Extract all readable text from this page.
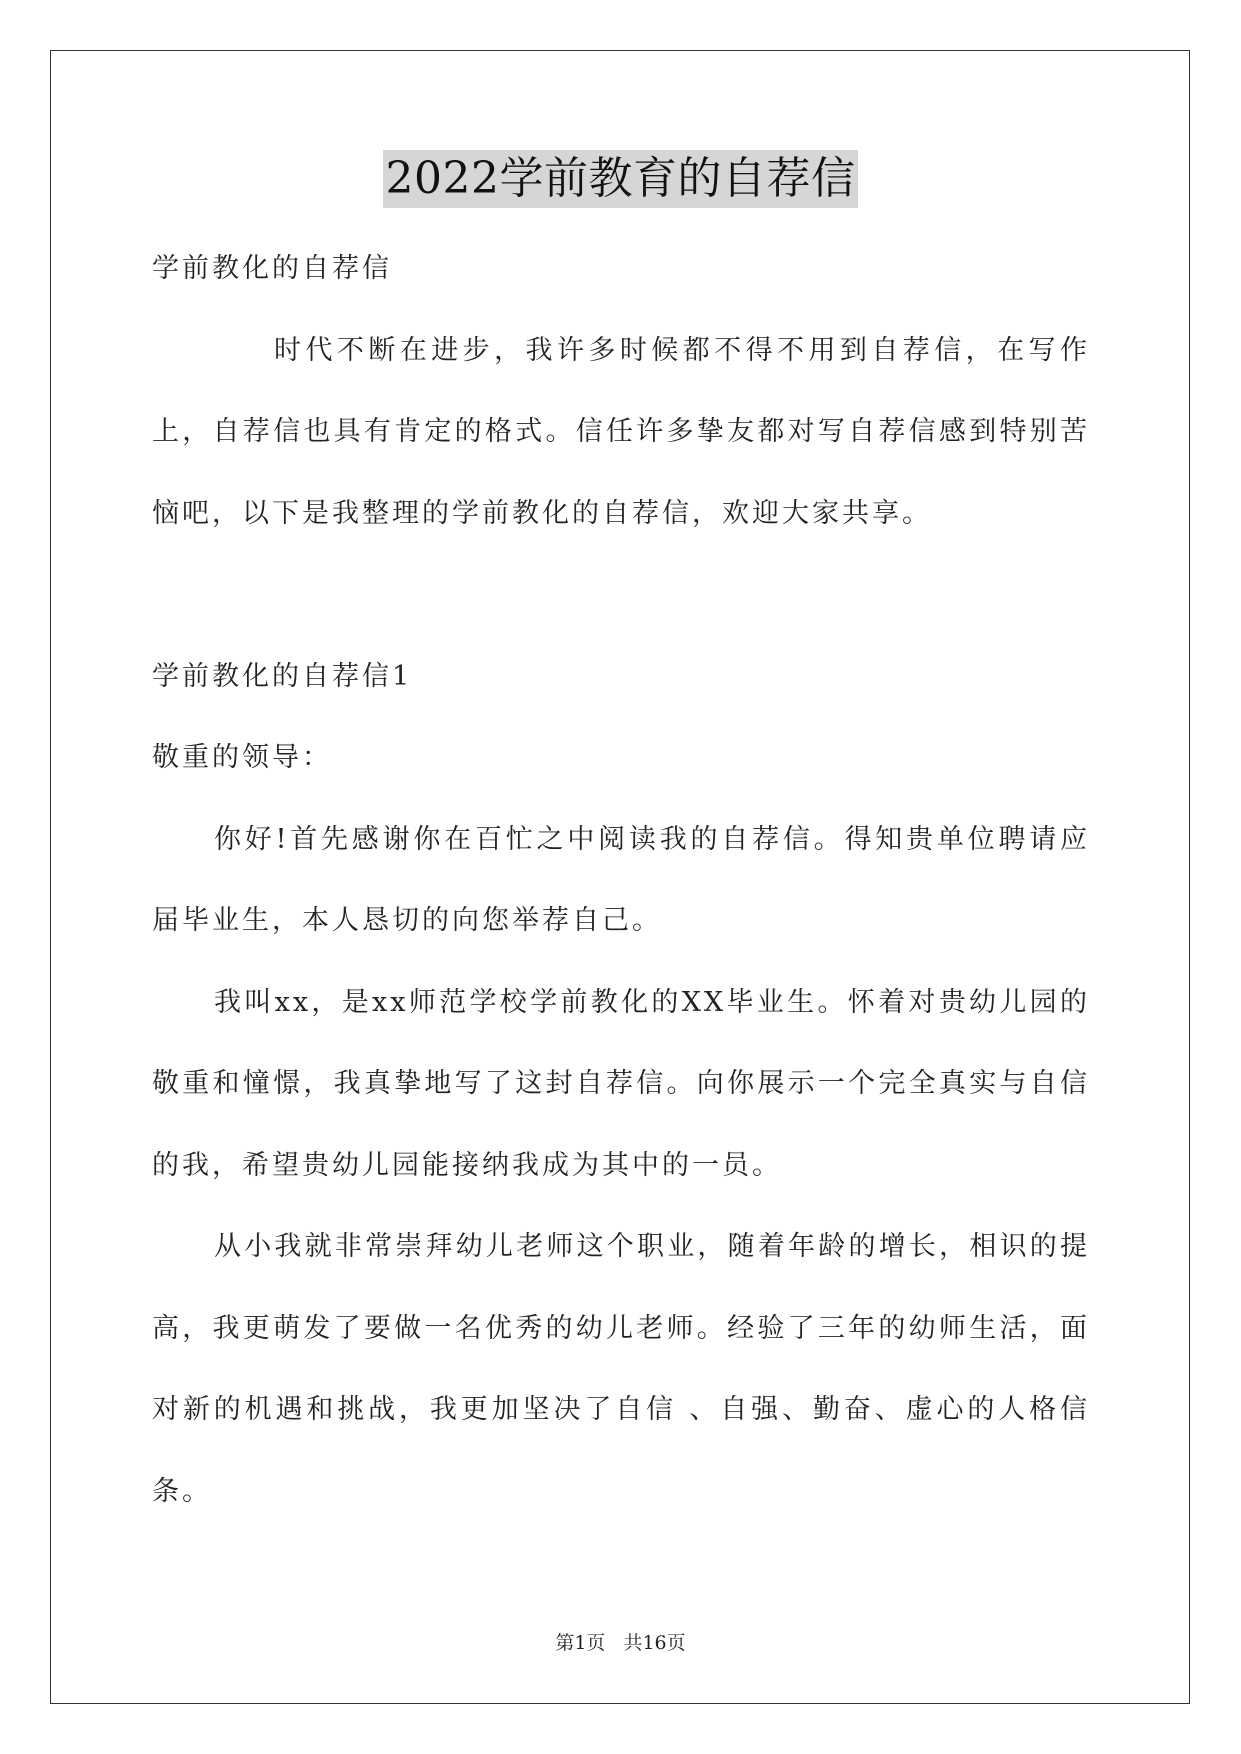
2022学前教育的自荐信

学前教化的自荐信

时代不断在进步，我许多时候都不得不用到自荐信，在写作上，自荐信也具有肯定的格式。信任许多挚友都对写自荐信感到特别苦恼吧，以下是我整理的学前教化的自荐信，欢迎大家共享。

学前教化的自荐信1

敬重的领导：

你好!首先感谢你在百忙之中阅读我的自荐信。得知贵单位聘请应届毕业生，本人恳切的向您举荐自己。

我叫xx，是xx师范学校学前教化的XX毕业生。怀着对贵幼儿园的敬重和憧憬，我真挚地写了这封自荐信。向你展示一个完全真实与自信的我，希望贵幼儿园能接纳我成为其中的一员。

从小我就非常崇拜幼儿老师这个职业，随着年龄的增长，相识的提高，我更萌发了要做一名优秀的幼儿老师。经验了三年的幼师生活，面对新的机遇和挑战，我更加坚决了自信 、自强、勤奋、虚心的人格信条。

第1页 共16页
